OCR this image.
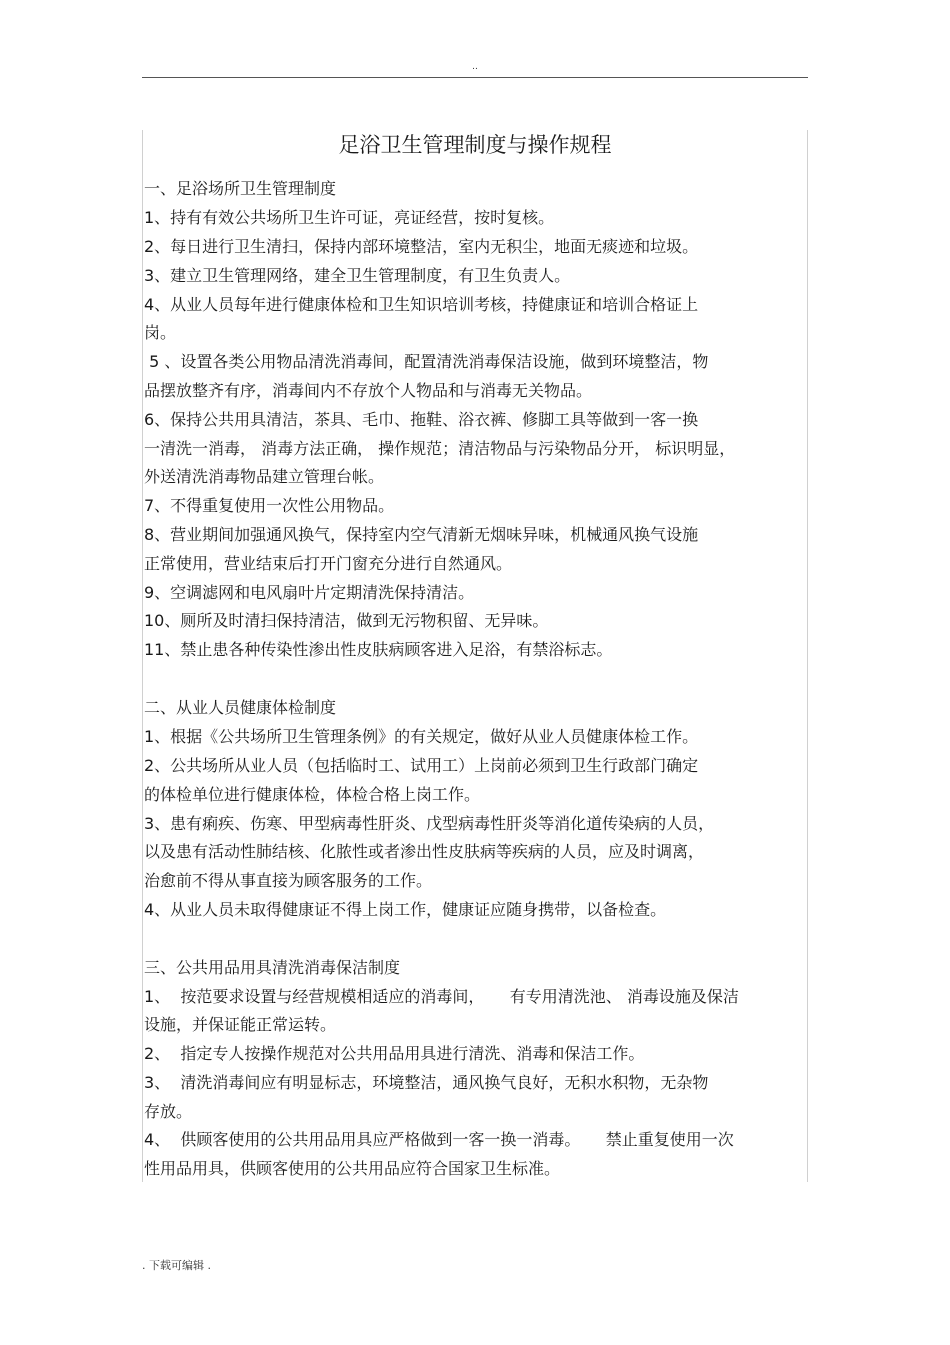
..
足浴卫生管理制度与操作规程
一、足浴场所卫生管理制度
1、持有有效公共场所卫生许可证，亮证经营，按时复核。
2、每日进行卫生清扫，保持内部环境整洁，室内无积尘，地面无痰迹和垃圾。
3、建立卫生管理网络，建全卫生管理制度，有卫生负责人。
4、从业人员每年进行健康体检和卫生知识培训考核，持健康证和培训合格证上
岗。
5 、设置各类公用物品清洗消毒间，配置清洗消毒保洁设施，做到环境整洁，物
品摆放整齐有序，消毒间内不存放个人物品和与消毒无关物品。
6、保持公共用具清洁，茶具、毛巾、拖鞋、浴衣裤、修脚工具等做到一客一换
一清洗一消毒， 消毒方法正确， 操作规范；清洁物品与污染物品分开， 标识明显，
外送清洗消毒物品建立管理台帐。
7、不得重复使用一次性公用物品。
8、营业期间加强通风换气，保持室内空气清新无烟味异味，机械通风换气设施
正常使用，营业结束后打开门窗充分进行自然通风。
9、空调滤网和电风扇叶片定期清洗保持清洁。
10、厕所及时清扫保持清洁，做到无污物积留、无异味。
11、禁止患各种传染性渗出性皮肤病顾客进入足浴，有禁浴标志。
二、从业人员健康体检制度
1、根据《公共场所卫生管理条例》的有关规定，做好从业人员健康体检工作。
2、公共场所从业人员（包括临时工、试用工）上岗前必须到卫生行政部门确定
的体检单位进行健康体检，体检合格上岗工作。
3、患有痢疾、伤寒、甲型病毒性肝炎、戊型病毒性肝炎等消化道传染病的人员，
以及患有活动性肺结核、化脓性或者渗出性皮肤病等疾病的人员，应及时调离，
治愈前不得从事直接为顾客服务的工作。
4、从业人员未取得健康证不得上岗工作，健康证应随身携带，以备检查。
三、公共用品用具清洗消毒保洁制度
1、  按范要求设置与经营规模相适应的消毒间，     有专用清洗池、 消毒设施及保洁
设施，并保证能正常运转。
2、  指定专人按操作规范对公共用品用具进行清洗、消毒和保洁工作。
3、  清洗消毒间应有明显标志，环境整洁，通风换气良好，无积水积物，无杂物
存放。
4、  供顾客使用的公共用品用具应严格做到一客一换一消毒。     禁止重复使用一次
性用品用具，供顾客使用的公共用品应符合国家卫生标准。
. 下载可编辑 .
